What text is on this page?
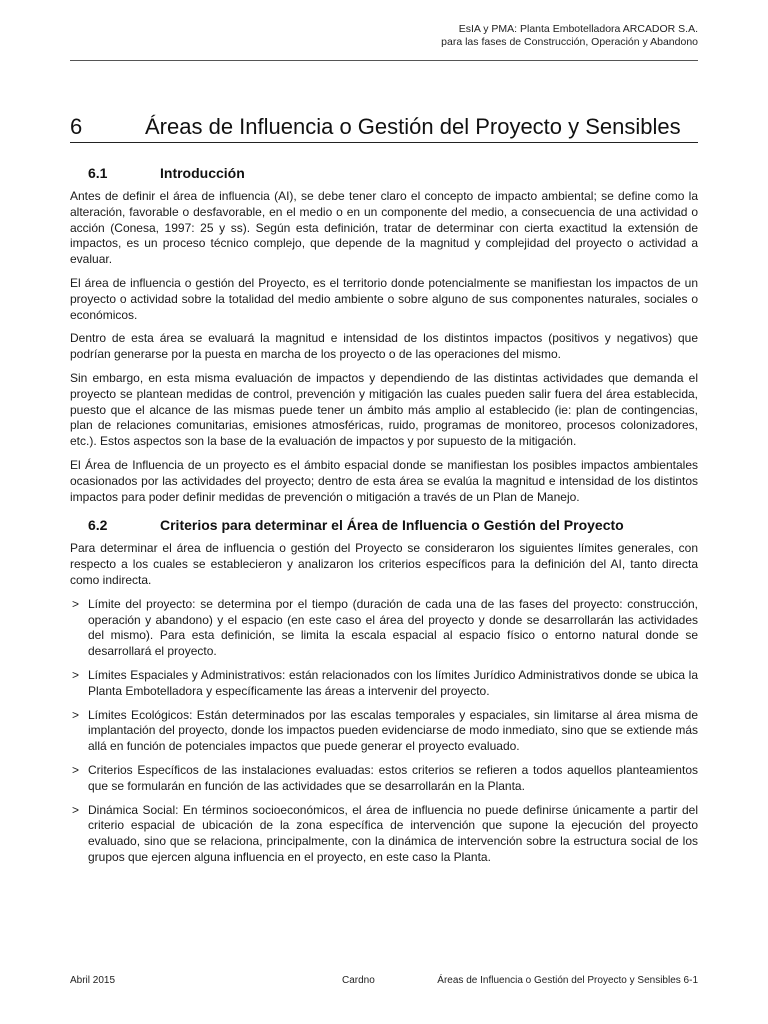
EsIA y PMA: Planta Embotelladora ARCADOR S.A.
para las fases de Construcción, Operación y Abandono
6	Áreas de Influencia o Gestión del Proyecto y Sensibles
6.1	Introducción

Antes de definir el área de influencia (AI), se debe tener claro el concepto de impacto ambiental; se define como la alteración, favorable o desfavorable, en el medio o en un componente del medio, a consecuencia de una actividad o acción (Conesa, 1997: 25 y ss). Según esta definición, tratar de determinar con cierta exactitud la extensión de impactos, es un proceso técnico complejo, que depende de la magnitud y complejidad del proyecto o actividad a evaluar.

El área de influencia o gestión del Proyecto, es el territorio donde potencialmente se manifiestan los impactos de un proyecto o actividad sobre la totalidad del medio ambiente o sobre alguno de sus componentes naturales, sociales o económicos.

Dentro de esta área se evaluará la magnitud e intensidad de los distintos impactos (positivos y negativos) que podrían generarse por la puesta en marcha de los proyecto o de las operaciones del mismo.

Sin embargo, en esta misma evaluación de impactos y dependiendo de las distintas actividades que demanda el proyecto se plantean medidas de control, prevención y mitigación las cuales pueden salir fuera del área establecida, puesto que el alcance de las mismas puede tener un ámbito más amplio al establecido (ie: plan de contingencias, plan de relaciones comunitarias, emisiones atmosféricas, ruido, programas de monitoreo, procesos colonizadores, etc.). Estos aspectos son la base de la evaluación de impactos y por supuesto de la mitigación.

El Área de Influencia de un proyecto es el ámbito espacial donde se manifiestan los posibles impactos ambientales ocasionados por las actividades del proyecto; dentro de esta área se evalúa la magnitud e intensidad de los distintos impactos para poder definir medidas de prevención o mitigación a través de un Plan de Manejo.

6.2	Criterios para determinar el Área de Influencia o Gestión del Proyecto

Para determinar el área de influencia o gestión del Proyecto se consideraron los siguientes límites generales, con respecto a los cuales se establecieron y analizaron los criterios específicos para la definición del AI, tanto directa como indirecta.

> Límite del proyecto: se determina por el tiempo (duración de cada una de las fases del proyecto: construcción, operación y abandono) y el espacio (en este caso el área del proyecto y donde se desarrollarán las actividades del mismo). Para esta definición, se limita la escala espacial al espacio físico o entorno natural donde se desarrollará el proyecto.
> Límites Espaciales y Administrativos: están relacionados con los límites Jurídico Administrativos donde se ubica la Planta Embotelladora y específicamente las áreas a intervenir del proyecto.
> Límites Ecológicos: Están determinados por las escalas temporales y espaciales, sin limitarse al área misma de implantación del proyecto, donde los impactos pueden evidenciarse de modo inmediato, sino que se extiende más allá en función de potenciales impactos que puede generar el proyecto evaluado.
> Criterios Específicos de las instalaciones evaluadas: estos criterios se refieren a todos aquellos planteamientos que se formularán en función de las actividades que se desarrollarán en la Planta.
> Dinámica Social: En términos socioeconómicos, el área de influencia no puede definirse únicamente a partir del criterio espacial de ubicación de la zona específica de intervención que supone la ejecución del proyecto evaluado, sino que se relaciona, principalmente, con la dinámica de intervención sobre la estructura social de los grupos que ejercen alguna influencia en el proyecto, en este caso la Planta.
Abril 2015	Cardno	Áreas de Influencia o Gestión del Proyecto y Sensibles 6-1
